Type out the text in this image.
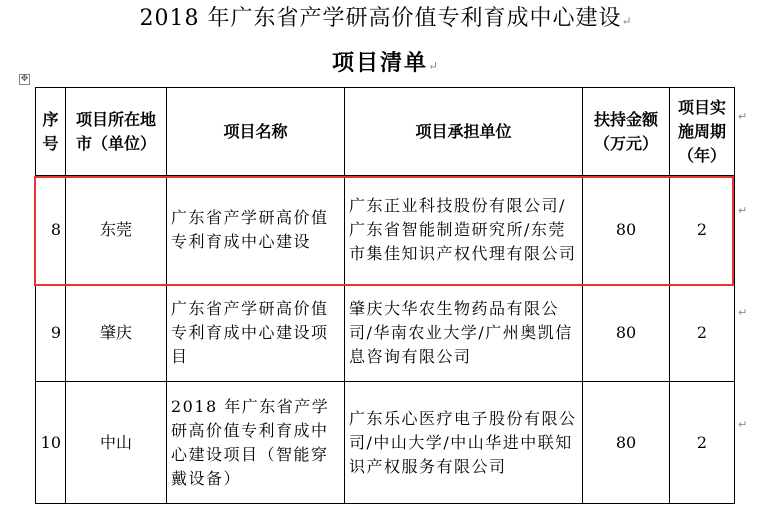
2018 年广东省产学研高价值专利育成中心建设↵
项目清单↵
✥
序号	项目所在地市（单位）	项目名称	项目承担单位	扶持金额（万元）	项目实施周期（年）
8	东莞	广东省产学研高价值专利育成中心建设	广东正业科技股份有限公司/广东省智能制造研究所/东莞市集佳知识产权代理有限公司	80	2
9	肇庆	广东省产学研高价值专利育成中心建设项目	肇庆大华农生物药品有限公司/华南农业大学/广州奥凯信息咨询有限公司	80	2
10	中山	2018 年广东省产学研高价值专利育成中心建设项目（智能穿戴设备）	广东乐心医疗电子股份有限公司/中山大学/中山华进中联知识产权服务有限公司	80	2
↵
↵
↵
↵
